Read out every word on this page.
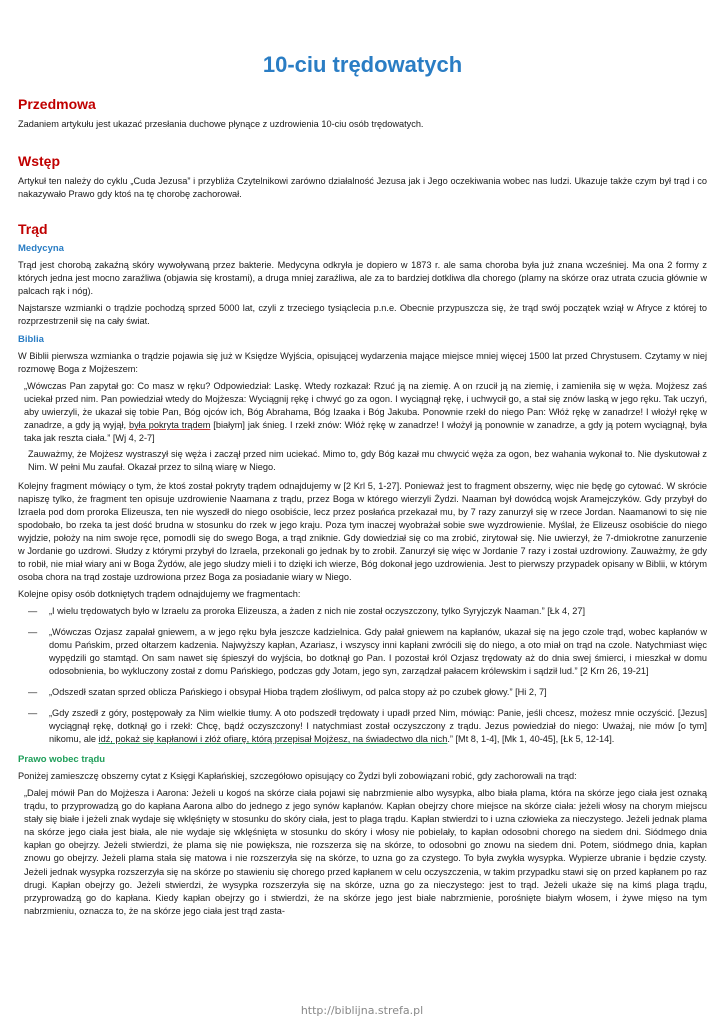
10-ciu trędowatych
Przedmowa

Zadaniem artykułu jest ukazać przesłania duchowe płynące z uzdrowienia 10-ciu osób trędowatych.

Wstęp

Artykuł ten należy do cyklu „Cuda Jezusa” i przybliża Czytelnikowi zarówno działalność Jezusa jak i Jego oczekiwania wobec nas ludzi. Ukazuje także czym był trąd i co nakazywało Prawo gdy ktoś na tę chorobę zachorował.

Trąd
Medycyna

Trąd jest chorobą zakaźną skóry wywoływaną przez bakterie. Medycyna odkryła je dopiero w 1873 r. ale sama choroba była już znana wcześniej. Ma ona 2 formy z których jedna jest mocno zaraźliwa (objawia się krostami), a druga mniej zaraźliwa, ale za to bardziej dotkliwa dla chorego (plamy na skórze oraz utrata czucia głównie w palcach rąk i nóg).

Najstarsze wzmianki o trądzie pochodzą sprzed 5000 lat, czyli z trzeciego tysiąclecia p.n.e. Obecnie przypuszcza się, że trąd swój początek wziął w Afryce z której to rozprzestrzenił się na cały świat.

Biblia

W Biblii pierwsza wzmianka o trądzie pojawia się już w Księdze Wyjścia, opisującej wydarzenia mające miejsce mniej więcej 1500 lat przed Chrystusem. Czytamy w niej rozmowę Boga z Mojżeszem:

„Wówczas Pan zapytał go: Co masz w ręku? Odpowiedział: Laskę. Wtedy rozkazał: Rzuć ją na ziemię. A on rzucił ją na ziemię, i zamieniła się w węża. Mojżesz zaś uciekał przed nim. Pan powiedział wtedy do Mojżesza: Wyciągnij rękę i chwyć go za ogon. I wyciągnął rękę, i uchwycił go, a stał się znów laską w jego ręku. Tak uczyń, aby uwierzyli, że ukazał się tobie Pan, Bóg ojców ich, Bóg Abrahama, Bóg Izaaka i Bóg Jakuba. Ponownie rzekł do niego Pan: Włóż rękę w zanadrze! I włożył rękę w zanadrze, a gdy ją wyjął, była pokryta trądem [białym] jak śnieg. I rzekł znów: Włóż rękę w zanadrze! I włożył ją ponownie w zanadrze, a gdy ją potem wyciągnął, była taka jak reszta ciała.” [Wj 4, 2-7]

Zauważmy, że Mojżesz wystraszył się węża i zaczął przed nim uciekać. Mimo to, gdy Bóg kazał mu chwycić węża za ogon, bez wahania wykonał to. Nie dyskutował z Nim. W pełni Mu zaufał. Okazał przez to silną wiarę w Niego.

Kolejny fragment mówiący o tym, że ktoś został pokryty trądem odnajdujemy w [2 Krl 5, 1-27]. Ponieważ jest to fragment obszerny, więc nie będę go cytować. W skrócie napiszę tylko, że fragment ten opisuje uzdrowienie Naamana z trądu, przez Boga w którego wierzyli Żydzi. Naaman był dowódcą wojsk Aramejczyków. Gdy przybył do Izraela pod dom proroka Elizeusza, ten nie wyszedł do niego osobiście, lecz przez posłańca przekazał mu, by 7 razy zanurzył się w rzece Jordan. Naamanowi to się nie spodobało, bo rzeka ta jest dość brudna w stosunku do rzek w jego kraju. Poza tym inaczej wyobrażał sobie swe wyzdrowienie. Myślał, że Elizeusz osobiście do niego wyjdzie, położy na nim swoje ręce, pomodli się do swego Boga, a trąd zniknie. Gdy dowiedział się co ma zrobić, zirytował się. Nie uwierzył, że 7-dmiokrotne zanurzenie w Jordanie go uzdrowi. Słudzy z którymi przybył do Izraela, przekonali go jednak by to zrobił. Zanurzył się więc w Jordanie 7 razy i został uzdrowiony. Zauważmy, że gdy to robił, nie miał wiary ani w Boga Żydów, ale jego słudzy mieli i to dzięki ich wierze, Bóg dokonał jego uzdrowienia. Jest to pierwszy przypadek opisany w Biblii, w którym osoba chora na trąd zostaje uzdrowiona przez Boga za posiadanie wiary w Niego.

Kolejne opisy osób dotkniętych trądem odnajdujemy we fragmentach:

— „I wielu trędowatych było w Izraelu za proroka Elizeusza, a żaden z nich nie został oczyszczony, tylko Syryjczyk Naaman.” [Łk 4, 27]
— „Wówczas Ozjasz zapałał gniewem, a w jego ręku była jeszcze kadzielnica. Gdy pałał gniewem na kapłanów, ukazał się na jego czole trąd, wobec kapłanów w domu Pańskim, przed ołtarzem kadzenia. Najwyższy kapłan, Azariasz, i wszyscy inni kapłani zwrócili się do niego, a oto miał on trąd na czole. Natychmiast więc wypędzili go stamtąd. On sam nawet się śpieszył do wyjścia, bo dotknął go Pan. I pozostał król Ozjasz trędowaty aż do dnia swej śmierci, i mieszkał w domu odosobnienia, bo wykluczony został z domu Pańskiego, podczas gdy Jotam, jego syn, zarządzał pałacem królewskim i sądził lud.” [2 Krn 26, 19-21]
— „Odszedł szatan sprzed oblicza Pańskiego i obsypał Hioba trądem złośliwym, od palca stopy aż po czubek głowy.” [Hi 2, 7]
— „Gdy zszedł z góry, postępowały za Nim wielkie tłumy. A oto podszedł trędowaty i upadł przed Nim, mówiąc: Panie, jeśli chcesz, możesz mnie oczyścić. [Jezus] wyciągnął rękę, dotknął go i rzekł: Chcę, bądź oczyszczony! I natychmiast został oczyszczony z trądu. Jezus powiedział do niego: Uważaj, nie mów [o tym] nikomu, ale idź, pokaż się kapłanowi i złóż ofiarę, którą przepisał Mojżesz, na świadectwo dla nich.” [Mt 8, 1-4], [Mk 1, 40-45], [Łk 5, 12-14].
Prawo wobec trądu

Poniżej zamieszczę obszerny cytat z Księgi Kapłańskiej, szczegółowo opisujący co Żydzi byli zobowiązani robić, gdy zachorowali na trąd:

„Dalej mówił Pan do Mojżesza i Aarona: Jeżeli u kogoś na skórze ciała pojawi się nabrzmienie albo wysypka, albo biała plama, która na skórze jego ciała jest oznaką trądu, to przyprowadzą go do kapłana Aarona albo do jednego z jego synów kapłanów. Kapłan obejrzy chore miejsce na skórze ciała: jeżeli włosy na chorym miejscu stały się białe i jeżeli znak wydaje się wklęśnięty w stosunku do skóry ciała, jest to plaga trądu. Kapłan stwierdzi to i uzna człowieka za nieczystego. Jeżeli jednak plama na skórze jego ciała jest biała, ale nie wydaje się wklęśnięta w stosunku do skóry i włosy nie pobielały, to kapłan odosobni chorego na siedem dni. Siódmego dnia kapłan go obejrzy. Jeżeli stwierdzi, że plama się nie powiększa, nie rozszerza się na skórze, to odosobni go znowu na siedem dni. Potem, siódmego dnia, kapłan znowu go obejrzy. Jeżeli plama stała się matowa i nie rozszerzyła się na skórze, to uzna go za czystego. To była zwykła wysypka. Wypierze ubranie i będzie czysty. Jeżeli jednak wysypka rozszerzyła się na skórze po stawieniu się chorego przed kapłanem w celu oczyszczenia, w takim przypadku stawi się on przed kapłanem po raz drugi. Kapłan obejrzy go. Jeżeli stwierdzi, że wysypka rozszerzyła się na skórze, uzna go za nieczystego: jest to trąd. Jeżeli ukaże się na kimś plaga trądu, przyprowadzą go do kapłana. Kiedy kapłan obejrzy go i stwierdzi, że na skórze jego jest białe nabrzmienie, porośnięte białym włosem, i żywe mięso na tym nabrzmieniu, oznacza to, że na skórze jego ciała jest trąd zasta-

http://biblijna.strefa.pl
